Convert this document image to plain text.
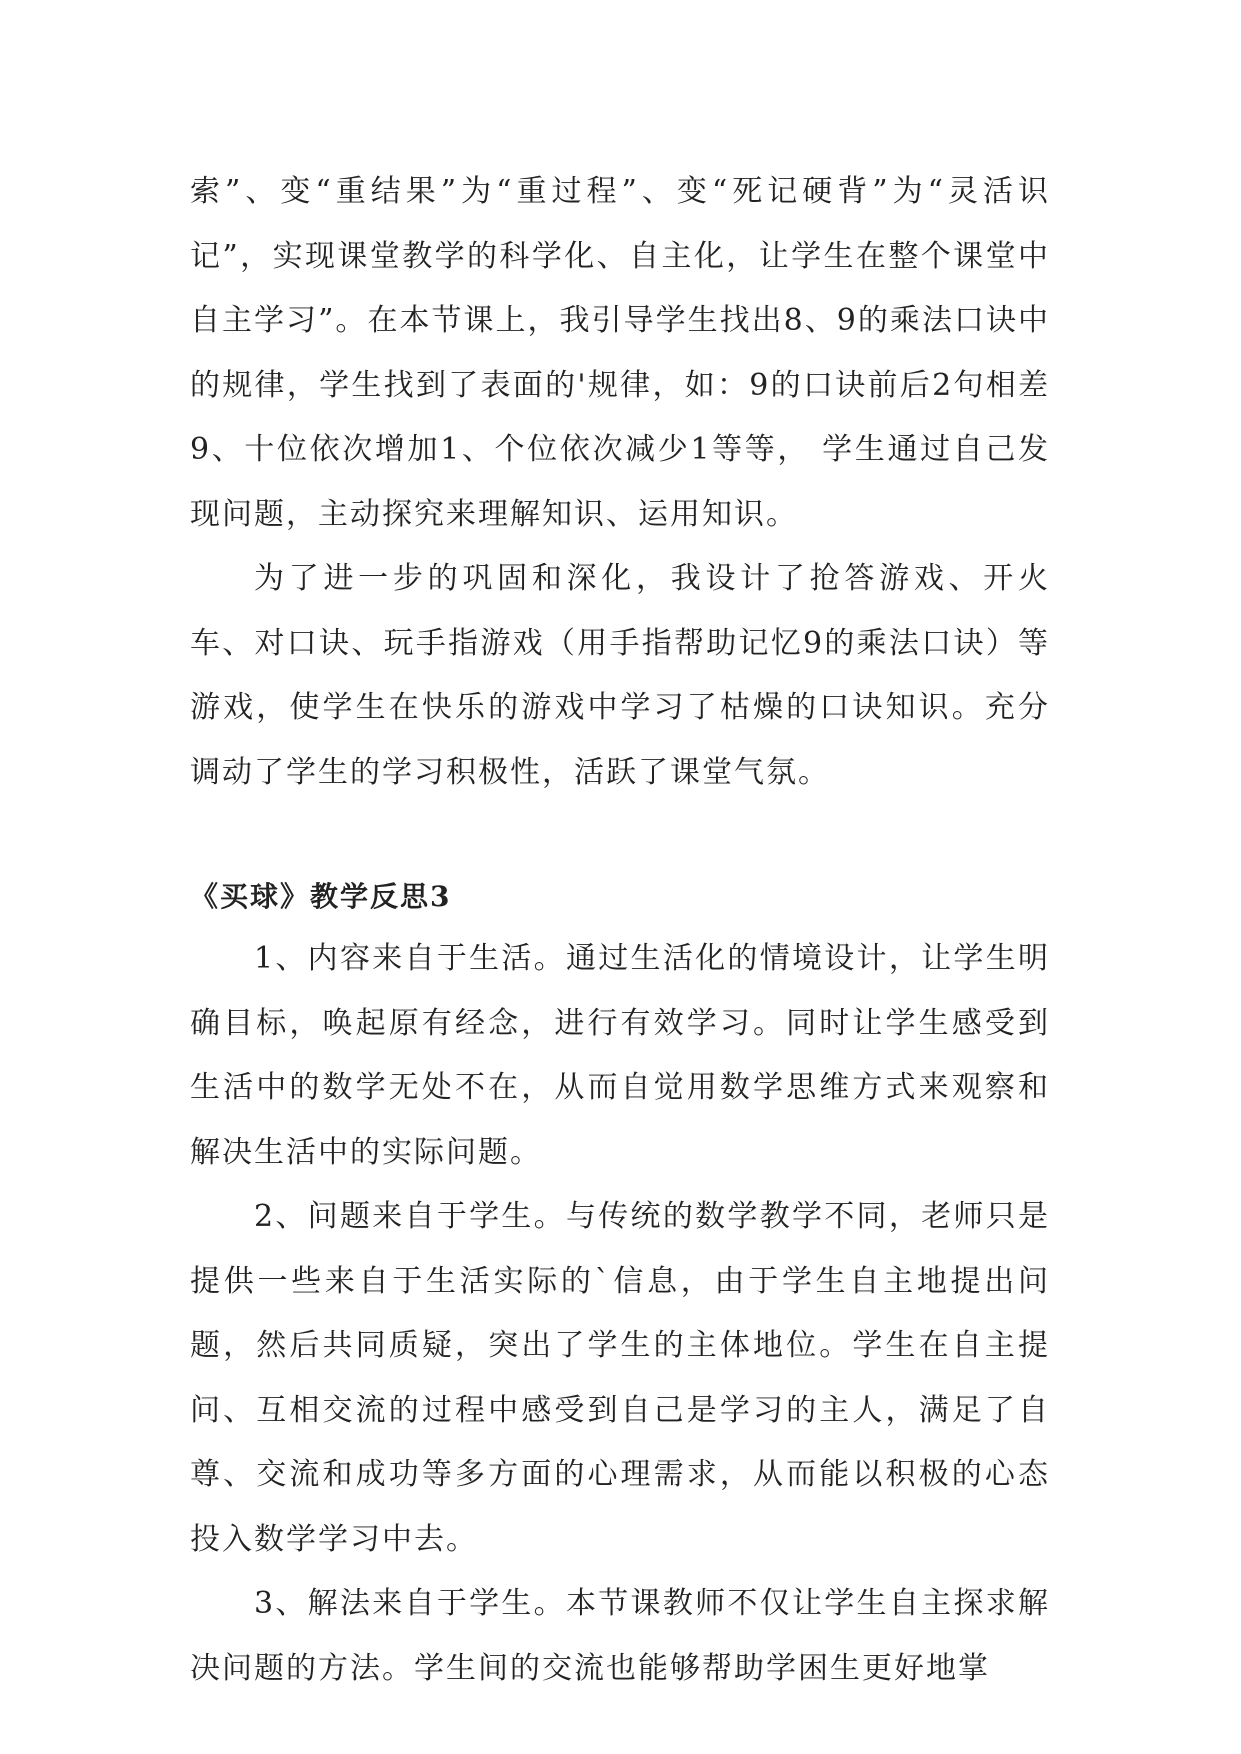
索”、变“重结果”为“重过程”、变“死记硬背”为“灵活识记”，实现课堂教学的科学化、自主化，让学生在整个课堂中自主学习”。在本节课上，我引导学生找出8、9的乘法口诀中的规律，学生找到了表面的'规律，如：9的口诀前后2句相差9、十位依次增加1、个位依次减少1等等， 学生通过自己发现问题，主动探究来理解知识、运用知识。

为了进一步的巩固和深化，我设计了抢答游戏、开火车、对口诀、玩手指游戏（用手指帮助记忆9的乘法口诀）等游戏，使学生在快乐的游戏中学习了枯燥的口诀知识。充分调动了学生的学习积极性，活跃了课堂气氛。

《买球》教学反思3

1、内容来自于生活。通过生活化的情境设计，让学生明确目标，唤起原有经念，进行有效学习。同时让学生感受到生活中的数学无处不在，从而自觉用数学思维方式来观察和解决生活中的实际问题。

2、问题来自于学生。与传统的数学教学不同，老师只是提供一些来自于生活实际的`信息，由于学生自主地提出问题，然后共同质疑，突出了学生的主体地位。学生在自主提问、互相交流的过程中感受到自己是学习的主人，满足了自尊、交流和成功等多方面的心理需求，从而能以积极的心态投入数学学习中去。

3、解法来自于学生。本节课教师不仅让学生自主探求解决问题的方法。学生间的交流也能够帮助学困生更好地掌
